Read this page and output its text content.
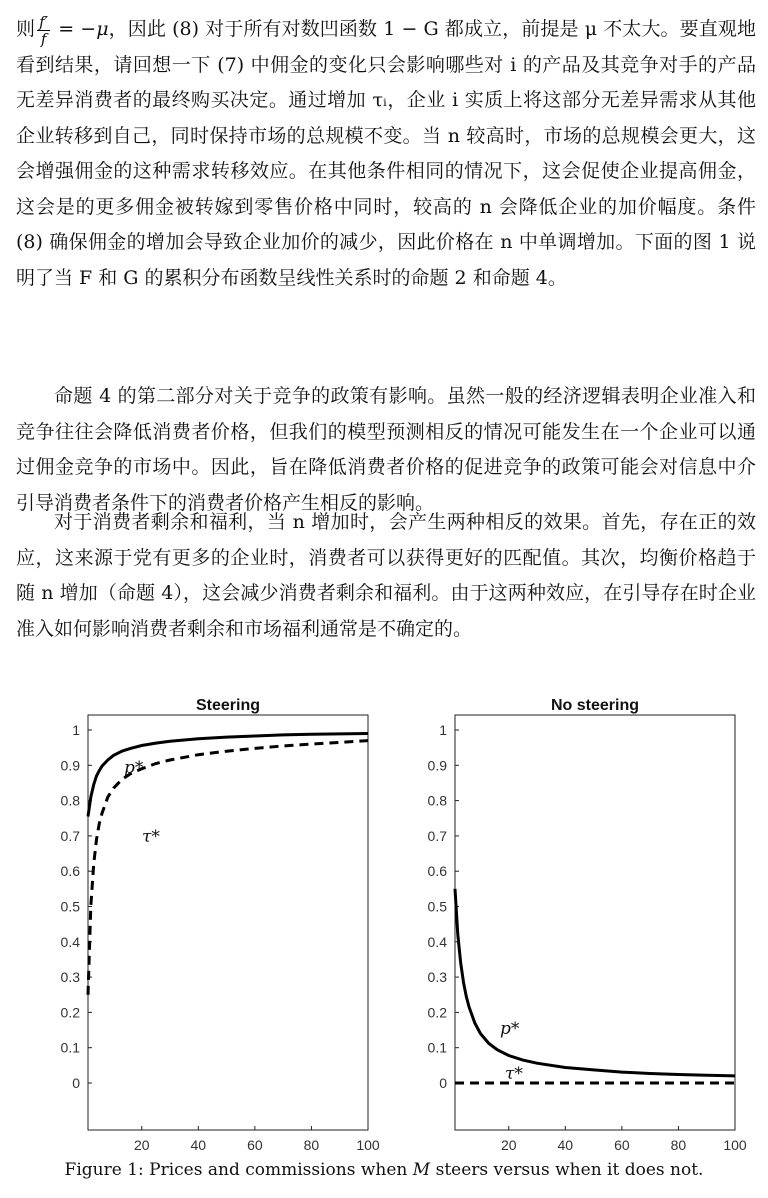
则 $\frac{f'}{f} = -\mu$，因此 (8) 对于所有对数凹函数 1 − G 都成立，前提是 μ 不太大。要直观地看到结果，请回想一下 (7) 中佣金的变化只会影响哪些对 i 的产品及其竞争对手的产品无差异消费者的最终购买决定。通过增加 τᵢ，企业 i 实质上将这部分无差异需求从其他企业转移到自己，同时保持市场的总规模不变。当 n 较高时，市场的总规模会更大，这会增强佣金的这种需求转移效应。在其他条件相同的情况下，这会促使企业提高佣金，这会是的更多佣金被转嫁到零售价格中同时，较高的 n 会降低企业的加价幅度。条件 (8) 确保佣金的增加会导致企业加价的减少，因此价格在 n 中单调增加。下面的图 1 说明了当 F 和 G 的累积分布函数呈线性关系时的命题 2 和命题 4。

命题 4 的第二部分对关于竞争的政策有影响。虽然一般的经济逻辑表明企业准入和竞争往往会降低消费者价格，但我们的模型预测相反的情况可能发生在一个企业可以通过佣金竞争的市场中。因此，旨在降低消费者价格的促进竞争的政策可能会对信息中介引导消费者条件下的消费者价格产生相反的影响。

对于消费者剩余和福利，当 n 增加时，会产生两种相反的效果。首先，存在正的效应，这来源于党有更多的企业时，消费者可以获得更好的匹配值。其次，均衡价格趋于随 n 增加（命题 4），这会减少消费者剩余和福利。由于这两种效应，在引导存在时企业准入如何影响消费者剩余和市场福利通常是不确定的。

Steering
0
0.1
0.2
0.3
0.4
0.5
0.6
0.7
0.8
0.9
1
20	40	60	80	100
p*
τ*
No steering
0
0.1
0.2
0.3
0.4
0.5
0.6
0.7
0.8
0.9
1
20	40	60	80	100
p*
τ*
Figure 1: Prices and commissions when M steers versus when it does not.
